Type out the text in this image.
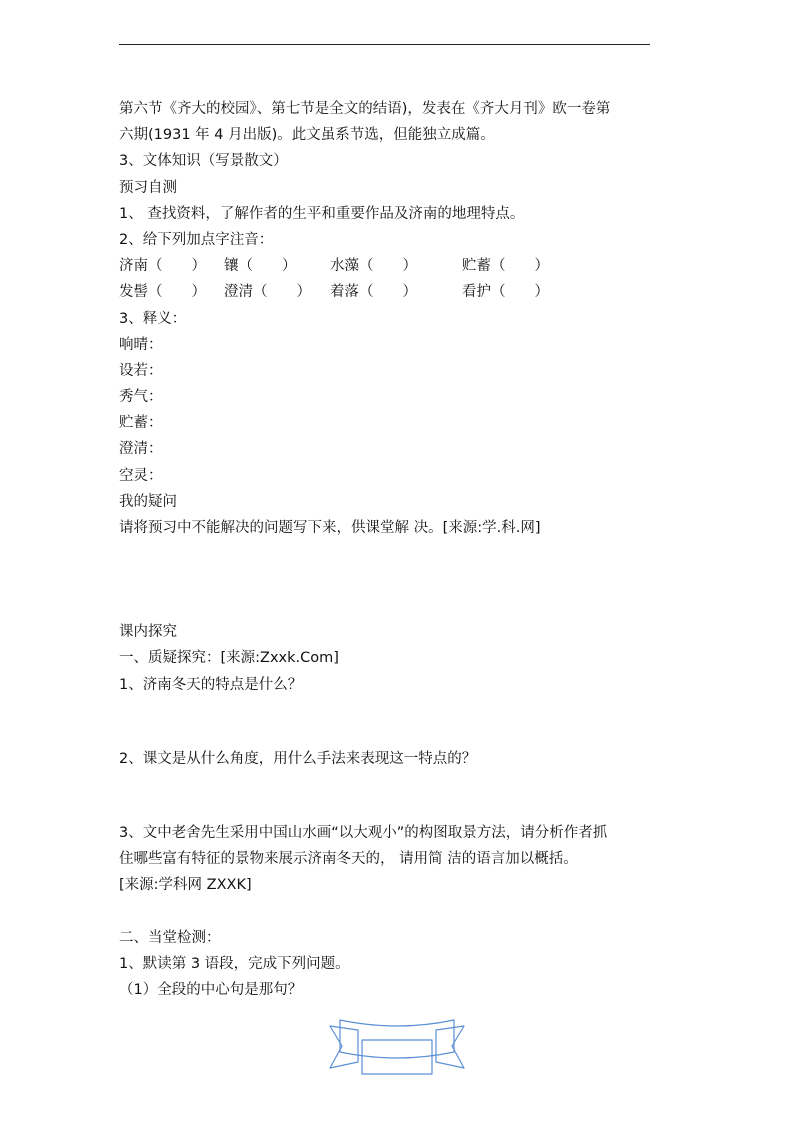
第六节《齐大的校园》、第七节是全文的结语)，发表在《齐大月刊》欧一卷第
六期(1931 年 4 月出版)。此文虽系节选，但能独立成篇。
3、文体知识（写景散文）
预习自测
1、 查找资料，了解作者的生平和重要作品及济南的地理特点。
2、给下列加点字注音：
济南（　　）	镶（　　）	水藻（　　）	贮蓄（　　）
发髻（　　）	澄清（　　）	着落（　　）	看护（　　）
3、释义：
响晴：
设若：
秀气：
贮蓄：
澄清：
空灵：
我的疑问
请将预习中不能解决的问题写下来，供课堂解 决。[来源:学.科.网]
课内探究
一、质疑探究：[来源:Zxxk.Com]
1、济南冬天的特点是什么？
2、课文是从什么角度，用什么手法来表现这一特点的？
3、文中老舍先生采用中国山水画“以大观小”的构图取景方法，请分析作者抓
住哪些富有特征的景物来展示济南冬天的， 请用简 洁的语言加以概括。
[来源:学科网 ZXXK]
二、当堂检测：
1、默读第 3 语段，完成下列问题。
（1）全段的中心句是那句？
